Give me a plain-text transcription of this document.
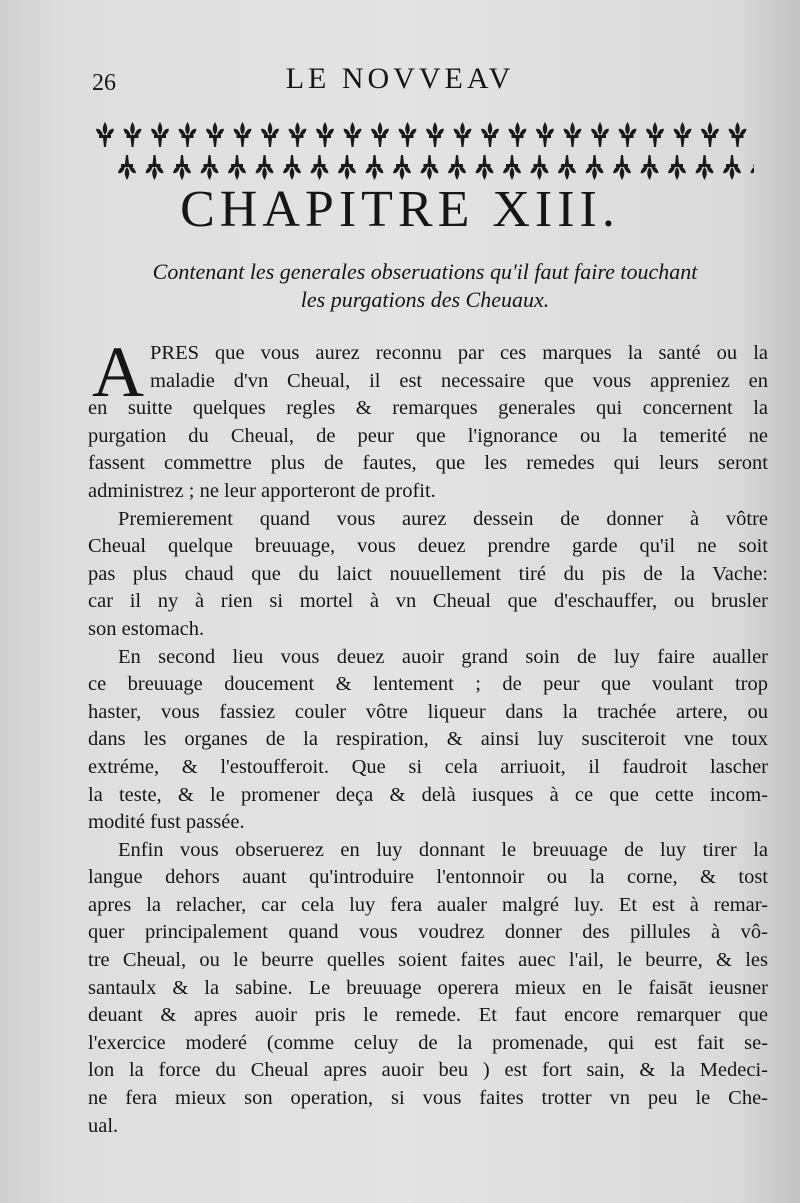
26	LE NOVVEAV
CHAPITRE XIII.
Contenant les generales obseruations qu'il faut faire touchant
les purgations des Cheuaux.

A PRES que vous aurez reconnu par ces marques la santé ou la
maladie d'vn Cheual, il est necessaire que vous appreniez en
en suitte quelques regles & remarques generales qui concernent la
purgation du Cheual, de peur que l'ignorance ou la temerité ne
fassent commettre plus de fautes, que les remedes qui leurs seront
administrez ; ne leur apporteront de profit.

Premierement quand vous aurez dessein de donner à vôtre
Cheual quelque breuuage, vous deuez prendre garde qu'il ne soit
pas plus chaud que du laict nouuellement tiré du pis de la Vache:
car il ny à rien si mortel à vn Cheual que d'eschauffer, ou brusler
son estomach.

En second lieu vous deuez auoir grand soin de luy faire aualler
ce breuuage doucement & lentement ; de peur que voulant trop
haster, vous fassiez couler vôtre liqueur dans la trachée artere, ou
dans les organes de la respiration, & ainsi luy susciteroit vne toux
extréme, & l'estoufferoit. Que si cela arriuoit, il faudroit lascher
la teste, & le promener deça & delà iusques à ce que cette incom-
modité fust passée.

Enfin vous obseruerez en luy donnant le breuuage de luy tirer la
langue dehors auant qu'introduire l'entonnoir ou la corne, & tost
apres la relacher, car cela luy fera aualer malgré luy. Et est à remar-
quer principalement quand vous voudrez donner des pillules à vô-
tre Cheual, ou le beurre quelles soient faites auec l'ail, le beurre, & les
santaulx & la sabine. Le breuuage operera mieux en le faisāt ieusner
deuant & apres auoir pris le remede. Et faut encore remarquer que
l'exercice moderé (comme celuy de la promenade, qui est fait se-
lon la force du Cheual apres auoir beu ) est fort sain, & la Medeci-
ne fera mieux son operation, si vous faites trotter vn peu le Che-
ual.
